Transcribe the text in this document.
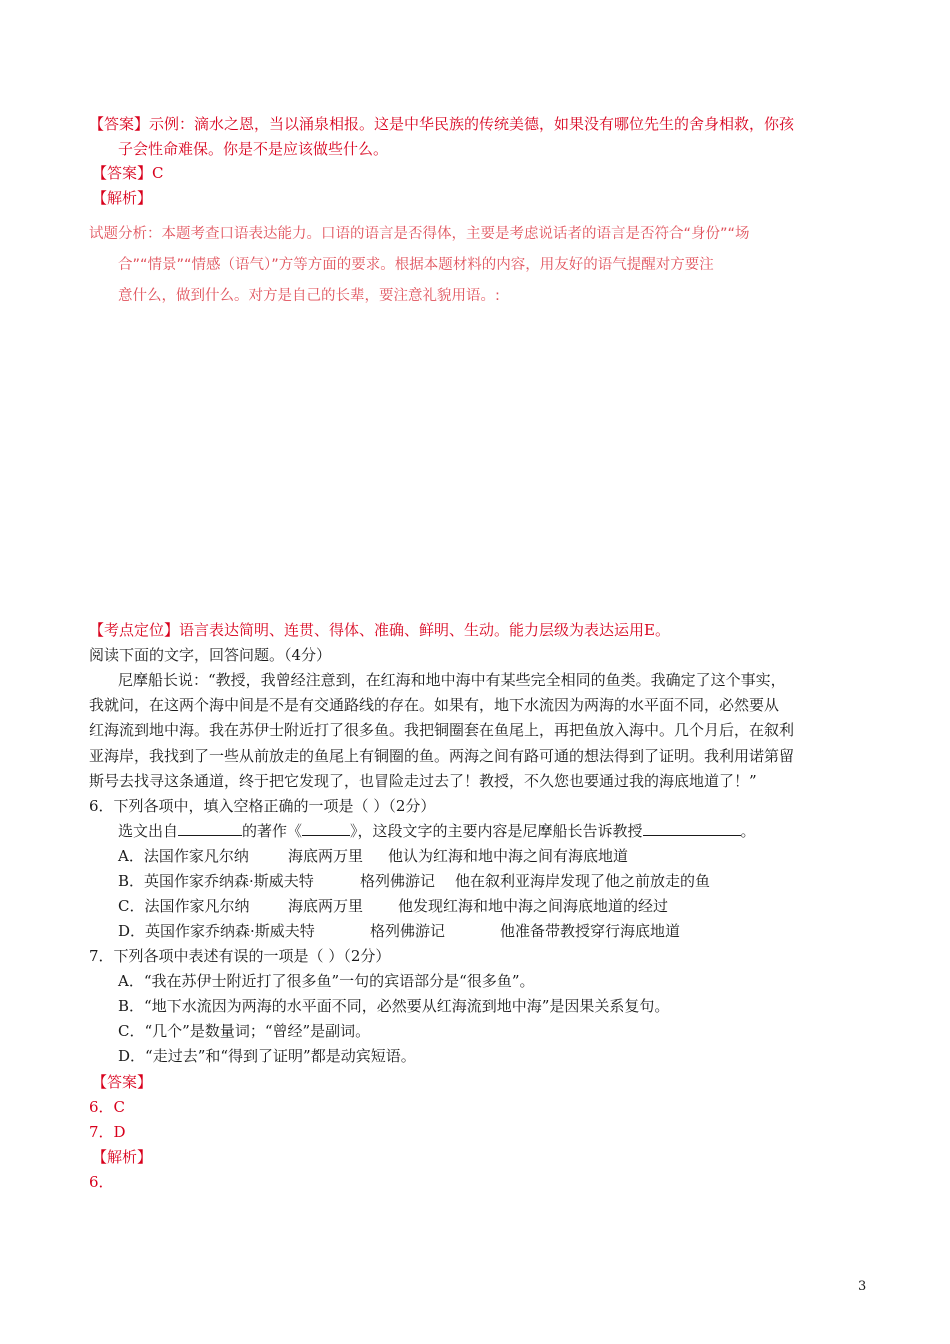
【答案】示例：滴水之恩，当以涌泉相报。这是中华民族的传统美德，如果没有哪位先生的舍身相救，你孩
子会性命难保。你是不是应该做些什么。
【答案】C
【解析】
试题分析：本题考查口语表达能力。口语的语言是否得体，主要是考虑说话者的语言是否符合“身份”“场
合”“情景”“情感（语气）”方等方面的要求。根据本题材料的内容，用友好的语气提醒对方要注
意什么，做到什么。对方是自己的长辈，要注意礼貌用语。:
【考点定位】语言表达简明、连贯、得体、准确、鲜明、生动。能力层级为表达运用E。
阅读下面的文字，回答问题。（4分）
尼摩船长说：“教授，我曾经注意到，在红海和地中海中有某些完全相同的鱼类。我确定了这个事实，
我就问，在这两个海中间是不是有交通路线的存在。如果有，地下水流因为两海的水平面不同，必然要从
红海流到地中海。我在苏伊士附近打了很多鱼。我把铜圈套在鱼尾上，再把鱼放入海中。几个月后，在叙利
亚海岸，我找到了一些从前放走的鱼尾上有铜圈的鱼。两海之间有路可通的想法得到了证明。我利用诺第留
斯号去找寻这条通道，终于把它发现了，也冒险走过去了！教授，不久您也要通过我的海底地道了！”
6．下列各项中，填入空格正确的一项是（ ）（2分）
选文出自	的著作《	》，这段文字的主要内容是尼摩船长告诉教授	。
A．法国作家凡尔纳	海底两万里 他认为红海和地中海之间有海底地道
B．英国作家乔纳森·斯威夫特	格列佛游记 他在叙利亚海岸发现了他之前放走的鱼
C．法国作家凡尔纳	海底两万里 他发现红海和地中海之间海底地道的经过
D．英国作家乔纳森·斯威夫特	格列佛游记	他准备带教授穿行海底地道
7．下列各项中表述有误的一项是（ ）（2分）
A．“我在苏伊士附近打了很多鱼”一句的宾语部分是“很多鱼”。
B．“地下水流因为两海的水平面不同，必然要从红海流到地中海”是因果关系复句。
C．“几个”是数量词；“曾经”是副词。
D．“走过去”和“得到了证明”都是动宾短语。
【答案】
6．C
7．D
【解析】
6．
3
